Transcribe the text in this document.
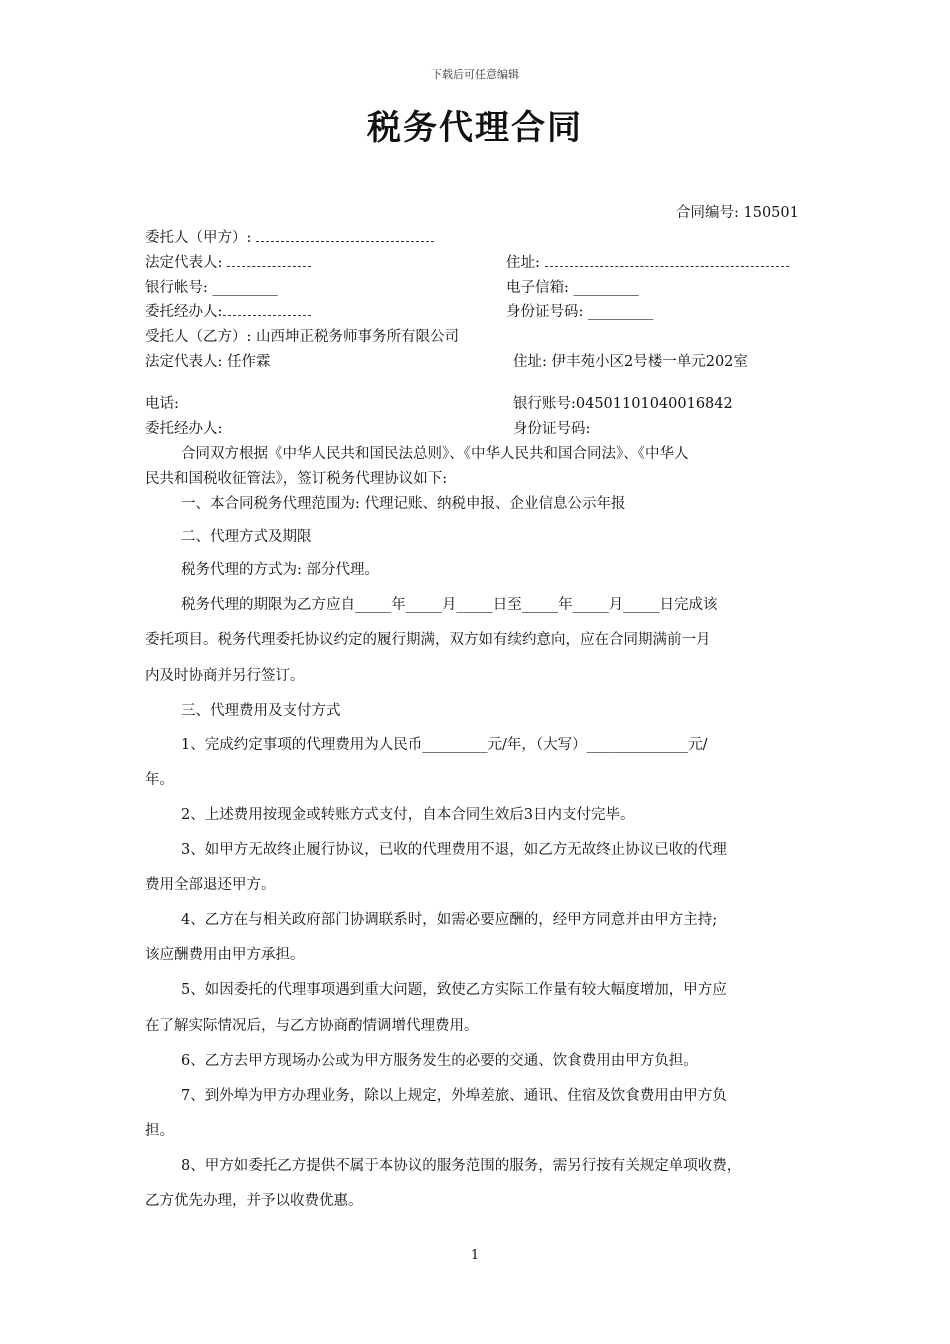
下载后可任意编辑
税务代理合同
合同编号: 150501
委托人（甲方）:
法定代表人:	住址:
银行帐号: _________	电子信箱: _________
委托经办人:	身份证号码: _________
受托人（乙方）: 山西坤正税务师事务所有限公司
法定代表人: 任作霖	住址: 伊丰苑小区2号楼一单元202室
电话:	银行账号:04501101040016842
委托经办人:	身份证号码:
合同双方根据《中华人民共和国民法总则》、《中华人民共和国合同法》、《中华人
民共和国税收征管法》，签订税务代理协议如下:
一、本合同税务代理范围为: 代理记账、纳税申报、企业信息公示年报
二、代理方式及期限
税务代理的方式为: 部分代理。
税务代理的期限为乙方应自_____年_____月_____日至_____年_____月_____日完成该
委托项目。税务代理委托协议约定的履行期满，双方如有续约意向，应在合同期满前一月
内及时协商并另行签订。
三、代理费用及支付方式
1、完成约定事项的代理费用为人民币_________元/年，（大写）______________元/
年。
2、上述费用按现金或转账方式支付，自本合同生效后3日内支付完毕。
3、如甲方无故终止履行协议，已收的代理费用不退，如乙方无故终止协议已收的代理
费用全部退还甲方。
4、乙方在与相关政府部门协调联系时，如需必要应酬的，经甲方同意并由甲方主持;
该应酬费用由甲方承担。
5、如因委托的代理事项遇到重大问题，致使乙方实际工作量有较大幅度增加，甲方应
在了解实际情况后，与乙方协商酌情调增代理费用。
6、乙方去甲方现场办公或为甲方服务发生的必要的交通、饮食费用由甲方负担。
7、到外埠为甲方办理业务，除以上规定，外埠差旅、通讯、住宿及饮食费用由甲方负
担。
8、甲方如委托乙方提供不属于本协议的服务范围的服务，需另行按有关规定单项收费，
乙方优先办理，并予以收费优惠。
1
